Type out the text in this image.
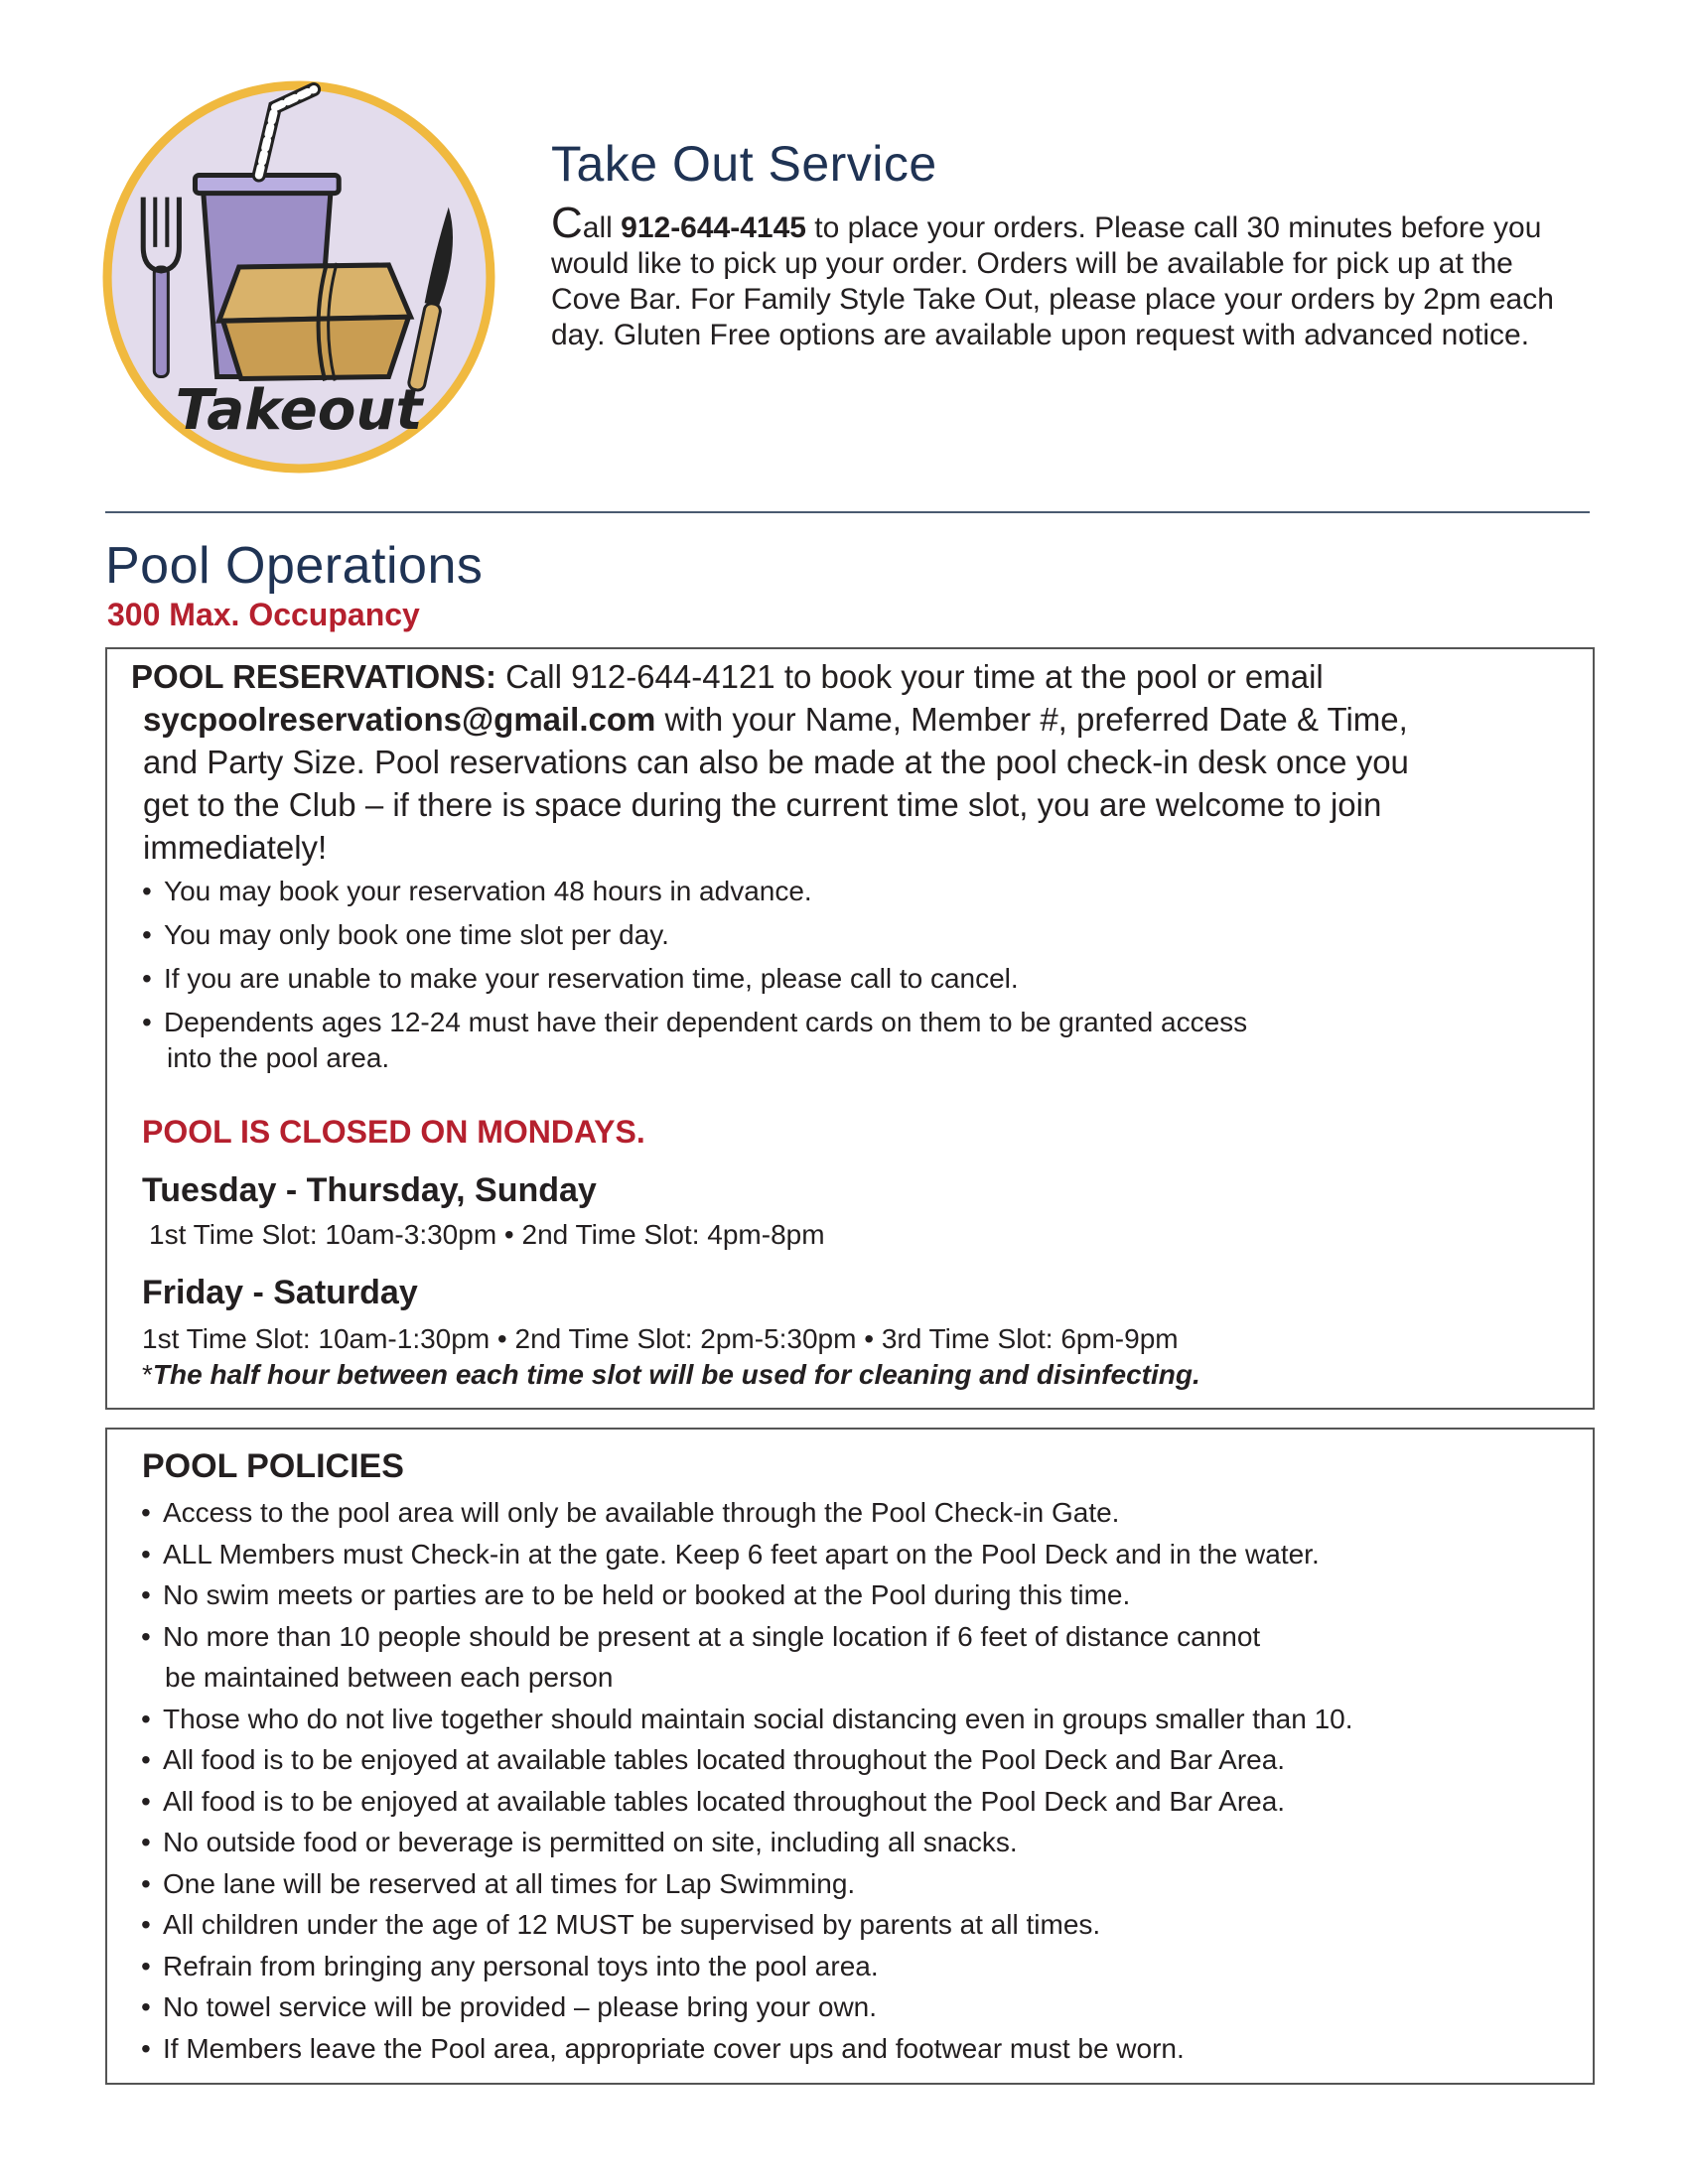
Takeout
Take Out Service
Call 912-644-4145 to place your orders. Please call 30 minutes before you would like to pick up your order. Orders will be available for pick up at the Cove Bar. For Family Style Take Out, please place your orders by 2pm each day. Gluten Free options are available upon request with advanced notice.
Pool Operations
300 Max. Occupancy
POOL RESERVATIONS: Call 912-644-4121 to book your time at the pool or email
sycpoolreservations@gmail.com with your Name, Member #, preferred Date & Time,
and Party Size. Pool reservations can also be made at the pool check-in desk once you
get to the Club – if there is space during the current time slot, you are welcome to join
immediately!
• You may book your reservation 48 hours in advance.
• You may only book one time slot per day.
• If you are unable to make your reservation time, please call to cancel.
• Dependents ages 12-24 must have their dependent cards on them to be granted access
into the pool area.
POOL IS CLOSED ON MONDAYS.
Tuesday - Thursday, Sunday
1st Time Slot: 10am-3:30pm • 2nd Time Slot: 4pm-8pm
Friday - Saturday
1st Time Slot: 10am-1:30pm • 2nd Time Slot: 2pm-5:30pm • 3rd Time Slot: 6pm-9pm
*The half hour between each time slot will be used for cleaning and disinfecting.
POOL POLICIES
• Access to the pool area will only be available through the Pool Check-in Gate.
• ALL Members must Check-in at the gate. Keep 6 feet apart on the Pool Deck and in the water.
• No swim meets or parties are to be held or booked at the Pool during this time.
• No more than 10 people should be present at a single location if 6 feet of distance cannot
be maintained between each person
• Those who do not live together should maintain social distancing even in groups smaller than 10.
• All food is to be enjoyed at available tables located throughout the Pool Deck and Bar Area.
• All food is to be enjoyed at available tables located throughout the Pool Deck and Bar Area.
• No outside food or beverage is permitted on site, including all snacks.
• One lane will be reserved at all times for Lap Swimming.
• All children under the age of 12 MUST be supervised by parents at all times.
• Refrain from bringing any personal toys into the pool area.
• No towel service will be provided – please bring your own.
• If Members leave the Pool area, appropriate cover ups and footwear must be worn.
